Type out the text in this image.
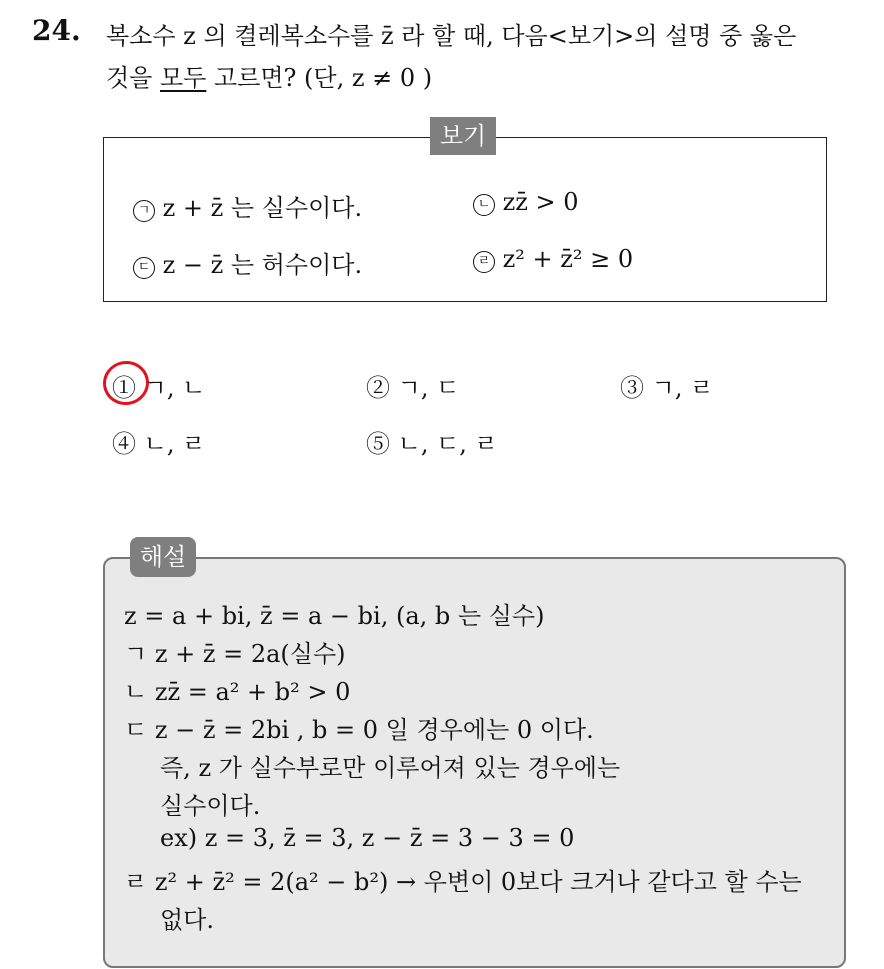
24. 복소수 z 의 켤레복소수를 z̄ 라 할 때, 다음<보기>의 설명 중 옳은
것을 모두 고르면? (단, z ≠ 0 )
보기
ㄱ z + z̄ 는 실수이다.	ㄴ zz̄ > 0
ㄷ z − z̄ 는 허수이다.	ㄹ z² + z̄² ≥ 0
① ㄱ, ㄴ	② ㄱ, ㄷ	③ ㄱ, ㄹ
④ ㄴ, ㄹ	⑤ ㄴ, ㄷ, ㄹ
해설
z = a + bi, z̄ = a − bi, (a, b 는 실수)
ㄱ z + z̄ = 2a(실수)
ㄴ zz̄ = a² + b² > 0
ㄷ z − z̄ = 2bi , b = 0 일 경우에는 0 이다.
즉, z 가 실수부로만 이루어져 있는 경우에는
실수이다.
ex) z = 3, z̄ = 3, z − z̄ = 3 − 3 = 0
ㄹ z² + z̄² = 2(a² − b²) → 우변이 0보다 크거나 같다고 할 수는
없다.
